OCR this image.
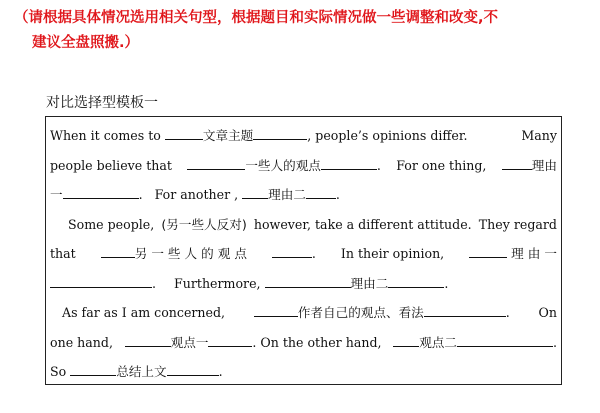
（请根据具体情况选用相关句型，根据题目和实际情况做一些调整和改变,不
建议全盘照搬.）
对比选择型模板一
When it comes to	文章主题	, people’s opinions differ.	Many
people believe that	一些人的观点	. For one thing,	理由
一	. For another , 理由二 .
Some people, (另一些人反对) however, take a different attitude. They regard
that	另 一 些 人 的 观 点	. In their opinion,	理 由 一
. Furthermore,	理由二	.
As far as I am concerned,	作者自己的观点、看法	. On
one hand,	观点一	. On the other hand,	观点二	.
So	总结上文	.
